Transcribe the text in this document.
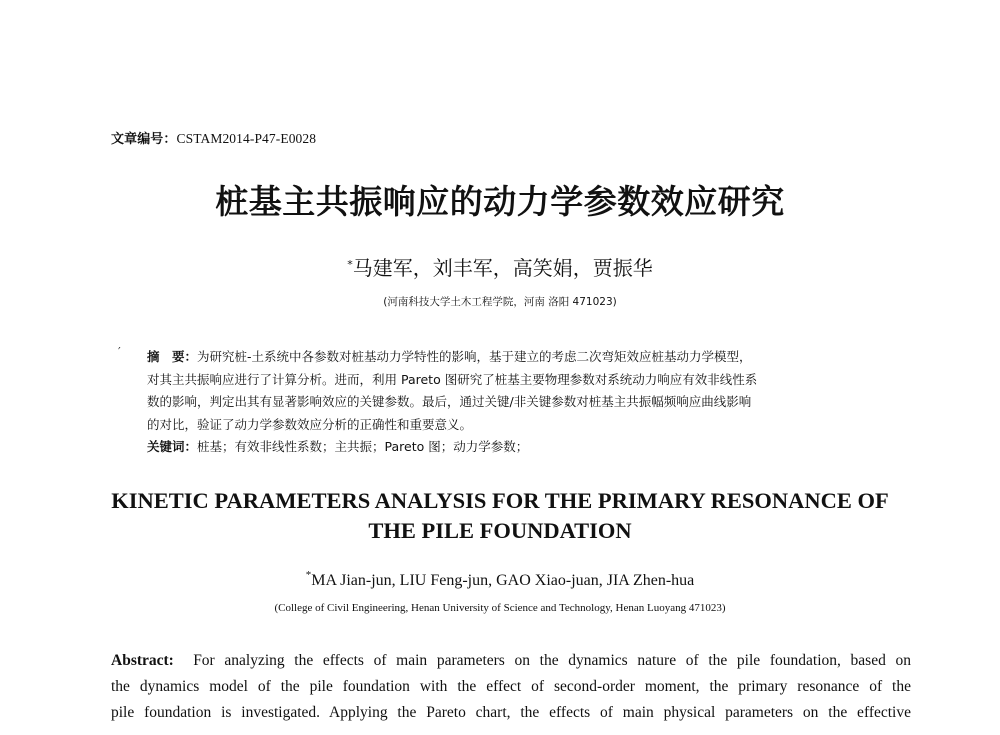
文章编号：CSTAM2014-P47-E0028
桩基主共振响应的动力学参数效应研究
*马建军，刘丰军，高笑娟，贾振华
(河南科技大学土木工程学院，河南 洛阳 471023)
′ 摘　要：为研究桩-土系统中各参数对桩基动力学特性的影响，基于建立的考虑二次弯矩效应桩基动力学模型，
对其主共振响应进行了计算分析。进而，利用 Pareto 图研究了桩基主要物理参数对系统动力响应有效非线性系
数的影响，判定出其有显著影响效应的关键参数。最后，通过关键/非关键参数对桩基主共振幅频响应曲线影响
的对比，验证了动力学参数效应分析的正确性和重要意义。
关键词：桩基；有效非线性系数；主共振；Pareto 图；动力学参数；
KINETIC PARAMETERS ANALYSIS FOR THE PRIMARY RESONANCE OF
THE PILE FOUNDATION
*MA Jian-jun, LIU Feng-jun, GAO Xiao-juan, JIA Zhen-hua
(College of Civil Engineering, Henan University of Science and Technology, Henan Luoyang 471023)
Abstract: For analyzing the effects of main parameters on the dynamics nature of the pile foundation, based on
the dynamics model of the pile foundation with the effect of second-order moment, the primary resonance of the
pile foundation is investigated. Applying the Pareto chart, the effects of main physical parameters on the effective
